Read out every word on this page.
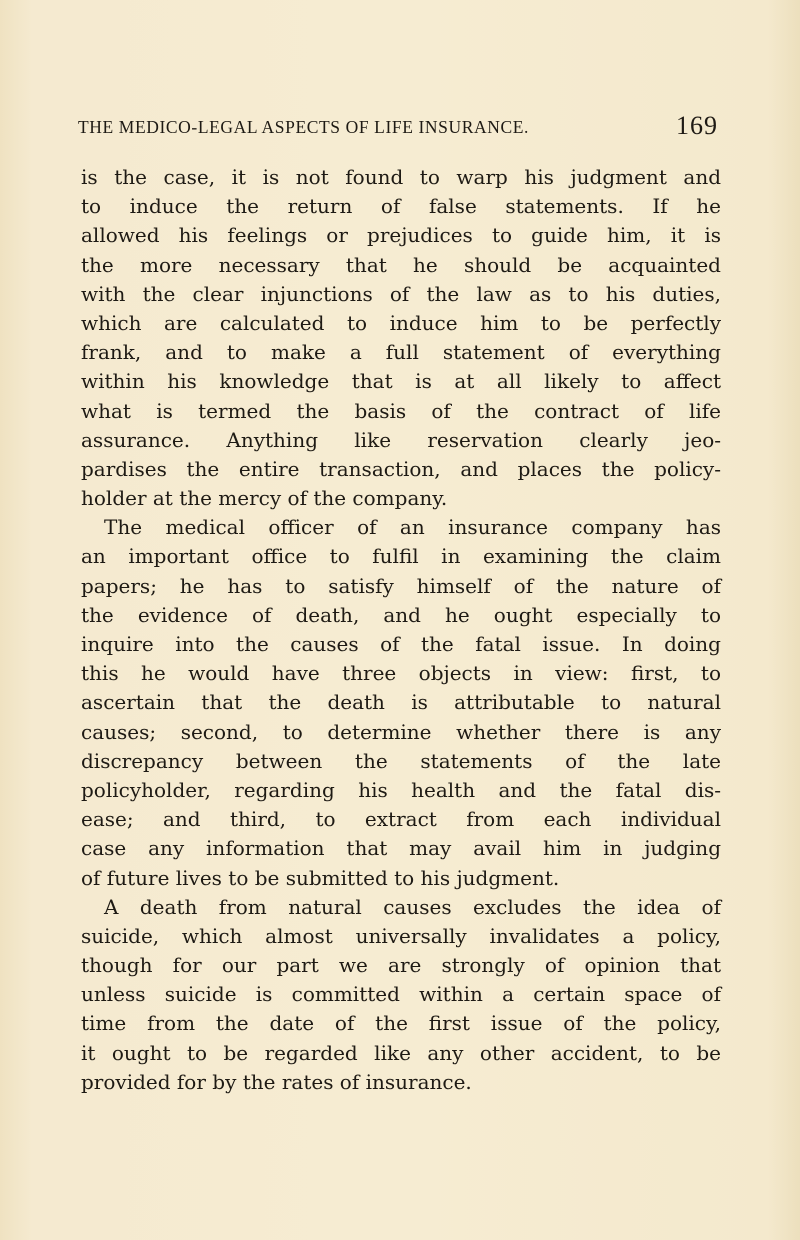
THE MEDICO-LEGAL ASPECTS OF LIFE INSURANCE.	169
is the case, it is not found to warp his judgment and
to induce the return of false statements. If he
allowed his feelings or prejudices to guide him, it is
the more necessary that he should be acquainted
with the clear injunctions of the law as to his duties,
which are calculated to induce him to be perfectly
frank, and to make a full statement of everything
within his knowledge that is at all likely to affect
what is termed the basis of the contract of life
assurance. Anything like reservation clearly jeo-
pardises the entire transaction, and places the policy-
holder at the mercy of the company.
The medical officer of an insurance company has
an important office to fulfil in examining the claim
papers; he has to satisfy himself of the nature of
the evidence of death, and he ought especially to
inquire into the causes of the fatal issue. In doing
this he would have three objects in view: first, to
ascertain that the death is attributable to natural
causes; second, to determine whether there is any
discrepancy between the statements of the late
policyholder, regarding his health and the fatal dis-
ease; and third, to extract from each individual
case any information that may avail him in judging
of future lives to be submitted to his judgment.
A death from natural causes excludes the idea of
suicide, which almost universally invalidates a policy,
though for our part we are strongly of opinion that
unless suicide is committed within a certain space of
time from the date of the first issue of the policy,
it ought to be regarded like any other accident, to be
provided for by the rates of insurance.
